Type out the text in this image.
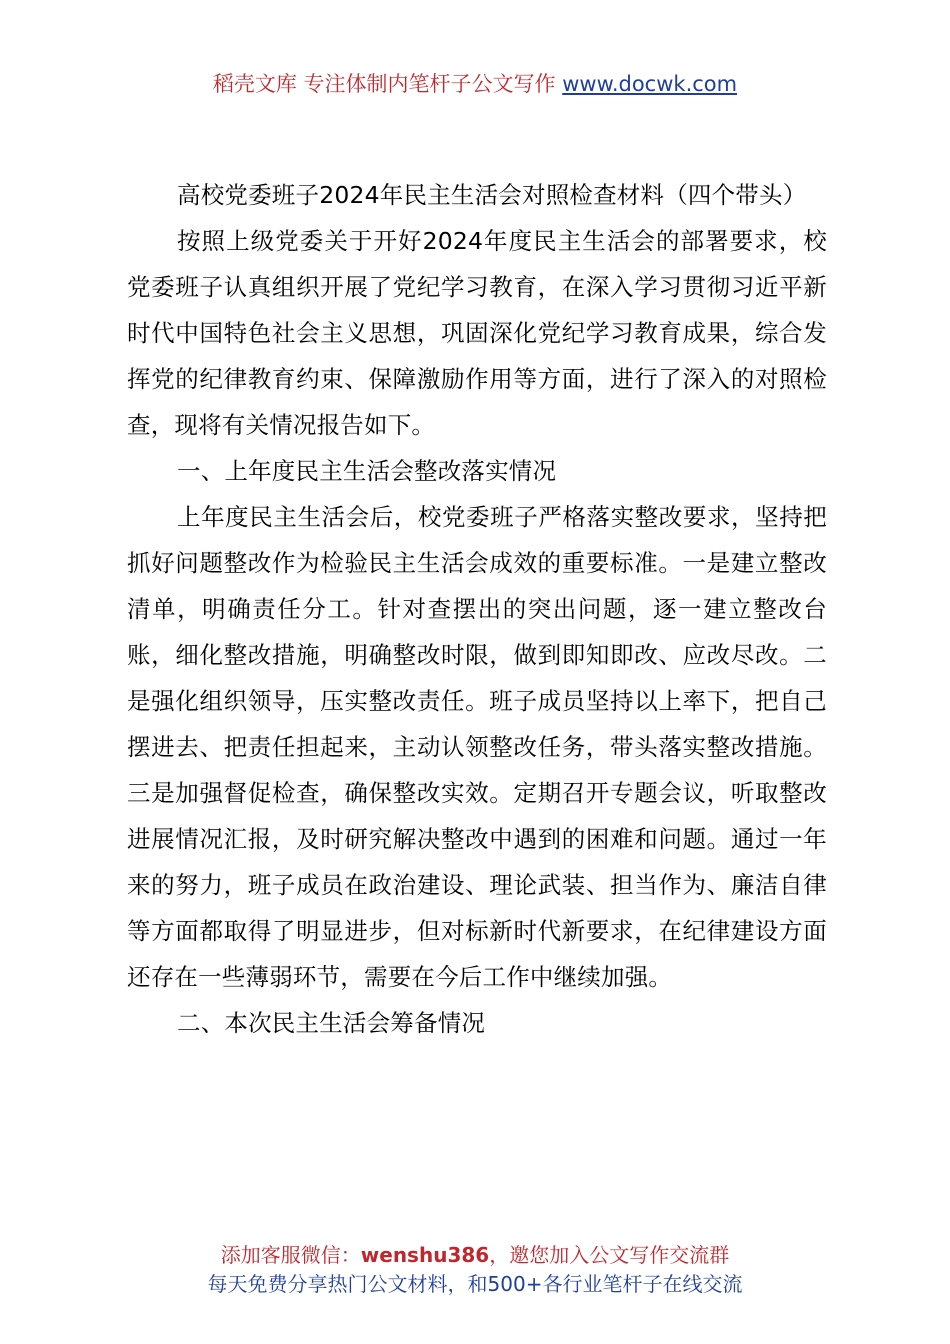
稻壳文库 专注体制内笔杆子公文写作 www.docwk.com

高校党委班子2024年民主生活会对照检查材料（四个带头）

按照上级党委关于开好2024年度民主生活会的部署要求，校党委班子认真组织开展了党纪学习教育，在深入学习贯彻习近平新时代中国特色社会主义思想，巩固深化党纪学习教育成果，综合发挥党的纪律教育约束、保障激励作用等方面，进行了深入的对照检查，现将有关情况报告如下。

一、上年度民主生活会整改落实情况

上年度民主生活会后，校党委班子严格落实整改要求，坚持把抓好问题整改作为检验民主生活会成效的重要标准。一是建立整改清单，明确责任分工。针对查摆出的突出问题，逐一建立整改台账，细化整改措施，明确整改时限，做到即知即改、应改尽改。二是强化组织领导，压实整改责任。班子成员坚持以上率下，把自己摆进去、把责任担起来，主动认领整改任务，带头落实整改措施。三是加强督促检查，确保整改实效。定期召开专题会议，听取整改进展情况汇报，及时研究解决整改中遇到的困难和问题。通过一年来的努力，班子成员在政治建设、理论武装、担当作为、廉洁自律等方面都取得了明显进步，但对标新时代新要求，在纪律建设方面还存在一些薄弱环节，需要在今后工作中继续加强。

二、本次民主生活会筹备情况

添加客服微信：wenshu386，邀您加入公文写作交流群
每天免费分享热门公文材料，和500+各行业笔杆子在线交流
